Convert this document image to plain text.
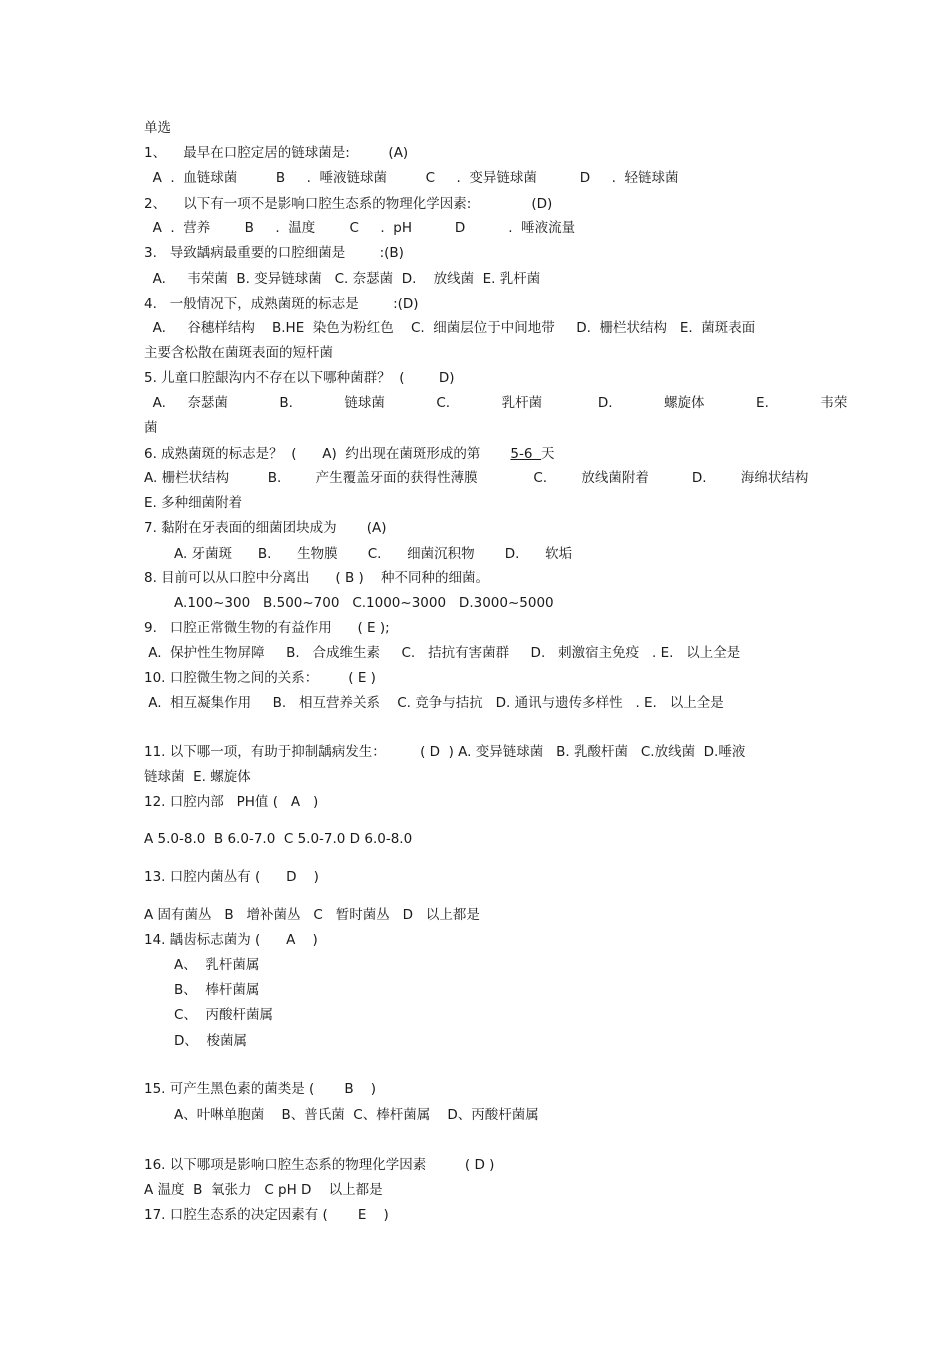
单选
1、    最早在口腔定居的链球菌是:         (A)
A  .  血链球菌         B     .  唾液链球菌         C     .  变异链球菌          D     .  轻链球菌
2、    以下有一项不是影响口腔生态系的物理化学因素:              (D)
A  .  营养        B     .  温度        C     .  pH          D          .  唾液流量
3.   导致龋病最重要的口腔细菌是        :(B)
A.     韦荣菌  B. 变异链球菌   C. 奈瑟菌  D.    放线菌  E. 乳杆菌
4.   一般情况下，成熟菌斑的标志是        :(D)
A.     谷穗样结构    B.HE  染色为粉红色    C.  细菌层位于中间地带     D.  栅栏状结构   E.  菌斑表面
主要含松散在菌斑表面的短杆菌
5. 儿童口腔龈沟内不存在以下哪种菌群？  (        D)
A.     奈瑟菌            B.            链球菌            C.            乳杆菌             D.            螺旋体            E.            韦荣
菌
6. 成熟菌斑的标志是？  (      A)  约出现在菌斑形成的第       5-6  天
A. 栅栏状结构         B.        产生覆盖牙面的获得性薄膜             C.        放线菌附着          D.        海绵状结构
E. 多种细菌附着
7. 黏附在牙表面的细菌团块成为       (A)
A. 牙菌斑      B.      生物膜       C.      细菌沉积物       D.      软垢
8. 目前可以从口腔中分离出      ( B )    种不同种的细菌。
A.100~300   B.500~700   C.1000~3000   D.3000~5000
9.   口腔正常微生物的有益作用      ( E );
A.  保护性生物屏障     B.   合成维生素     C.   拮抗有害菌群     D.   刺激宿主免疫   . E.   以上全是
10. 口腔微生物之间的关系：       ( E )
A.  相互凝集作用     B.   相互营养关系    C. 竞争与拮抗   D. 通讯与遗传多样性   . E.   以上全是
11. 以下哪一项，有助于抑制龋病发生：        ( D  ) A. 变异链球菌   B. 乳酸杆菌   C.放线菌  D.唾液
链球菌  E. 螺旋体
12. 口腔内部   PH值 (   A   )
A 5.0-8.0  B 6.0-7.0  C 5.0-7.0 D 6.0-8.0
13. 口腔内菌丛有 (      D    )
A 固有菌丛   B   增补菌丛   C   暂时菌丛   D   以上都是
14. 龋齿标志菌为 (      A    )
A、  乳杆菌属
B、  棒杆菌属
C、  丙酸杆菌属
D、  梭菌属
15. 可产生黑色素的菌类是 (       B    )
A、叶啉单胞菌    B、普氏菌  C、棒杆菌属    D、丙酸杆菌属
16. 以下哪项是影响口腔生态系的物理化学因素         ( D )
A 温度  B  氧张力   C pH D    以上都是
17. 口腔生态系的决定因素有 (       E    )
